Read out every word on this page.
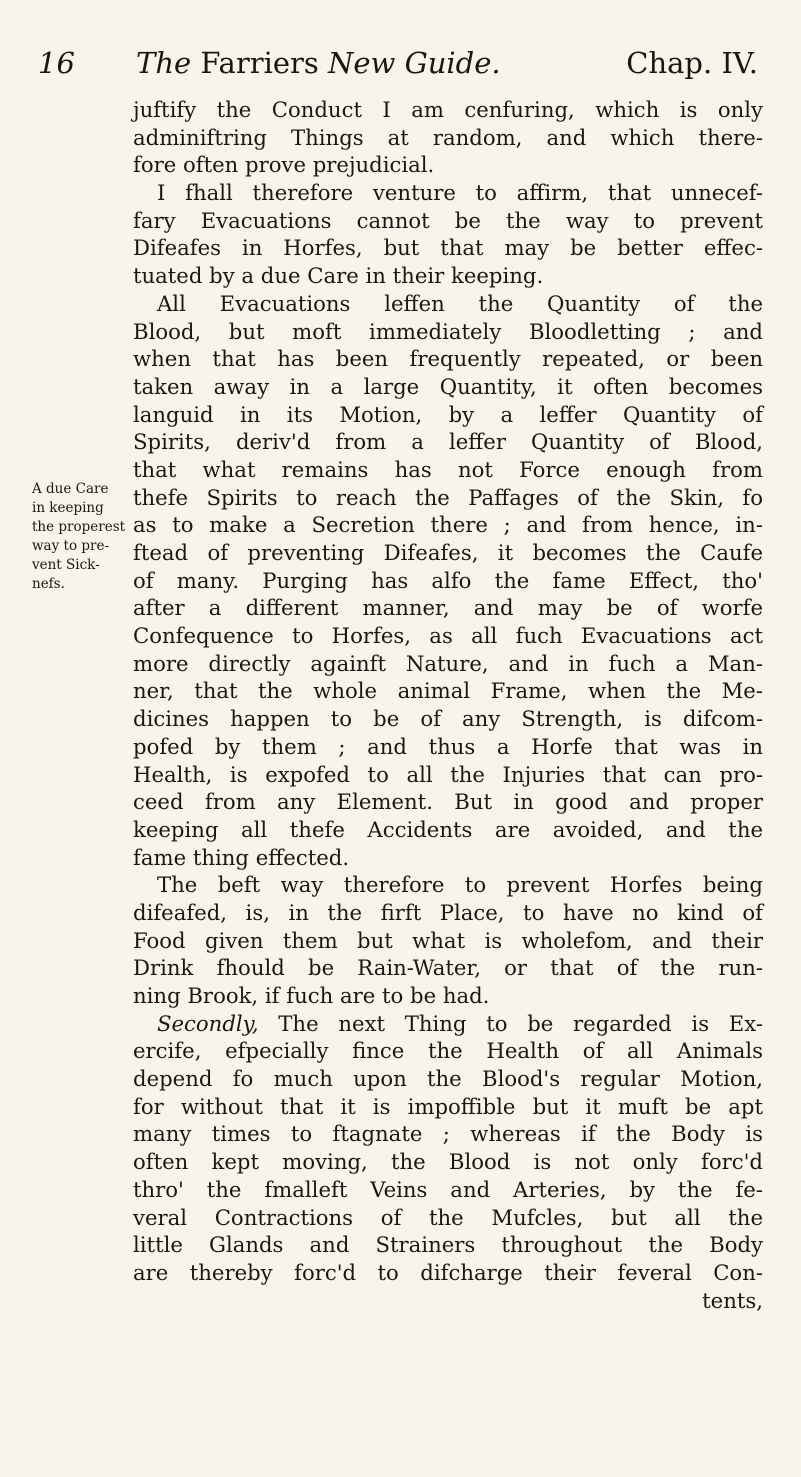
16 The Farriers New Guide.	Chap. IV.
A due Care
in keeping
the properest
way to pre-
vent Sick-
nefs.
juftify the Conduct I am cenfuring, which is only
adminiftring Things at random, and which there-
fore often prove prejudicial.
I fhall therefore venture to affirm, that unnecef-
fary Evacuations cannot be the way to prevent
Difeafes in Horfes, but that may be better effec-
tuated by a due Care in their keeping.
All Evacuations leffen the Quantity of the
Blood, but moft immediately Bloodletting ; and
when that has been frequently repeated, or been
taken away in a large Quantity, it often becomes
languid in its Motion, by a leffer Quantity of
Spirits, deriv'd from a leffer Quantity of Blood,
that what remains has not Force enough from
thefe Spirits to reach the Paffages of the Skin, fo
as to make a Secretion there ; and from hence, in-
ftead of preventing Difeafes, it becomes the Caufe
of many. Purging has alfo the fame Effect, tho'
after a different manner, and may be of worfe
Confequence to Horfes, as all fuch Evacuations act
more directly againft Nature, and in fuch a Man-
ner, that the whole animal Frame, when the Me-
dicines happen to be of any Strength, is difcom-
pofed by them ; and thus a Horfe that was in
Health, is expofed to all the Injuries that can pro-
ceed from any Element. But in good and proper
keeping all thefe Accidents are avoided, and the
fame thing effected.
The beft way therefore to prevent Horfes being
difeafed, is, in the firft Place, to have no kind of
Food given them but what is wholefom, and their
Drink fhould be Rain-Water, or that of the run-
ning Brook, if fuch are to be had.
Secondly, The next Thing to be regarded is Ex-
ercife, efpecially fince the Health of all Animals
depend fo much upon the Blood's regular Motion,
for without that it is impoffible but it muft be apt
many times to ftagnate ; whereas if the Body is
often kept moving, the Blood is not only forc'd
thro' the fmalleft Veins and Arteries, by the fe-
veral Contractions of the Mufcles, but all the
little Glands and Strainers throughout the Body
are thereby forc'd to difcharge their feveral Con-
tents,
